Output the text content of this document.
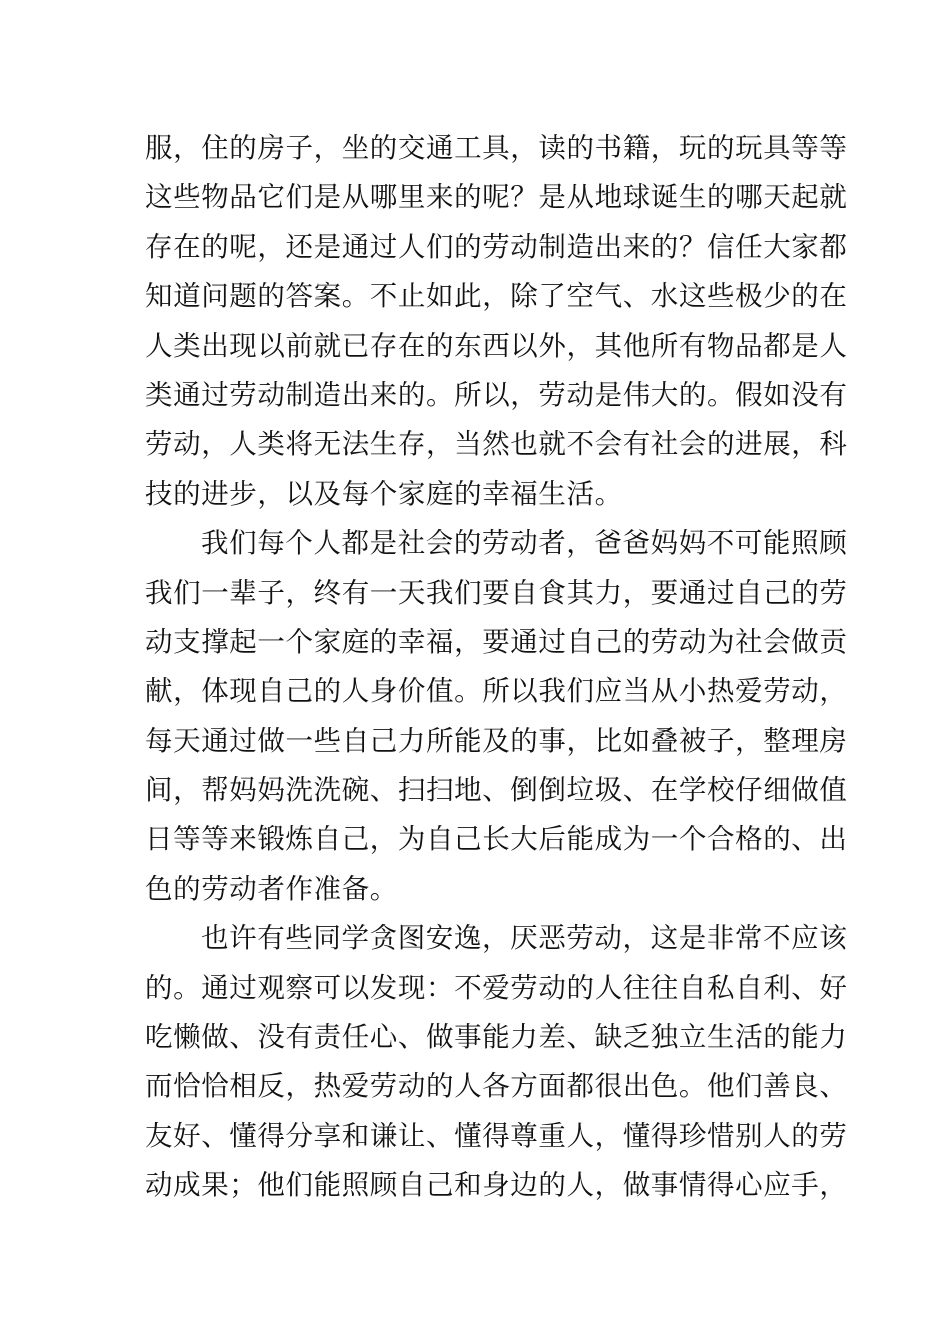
服，住的房子，坐的交通工具，读的书籍，玩的玩具等等
这些物品它们是从哪里来的呢？是从地球诞生的哪天起就
存在的呢，还是通过人们的劳动制造出来的？信任大家都
知道问题的答案。不止如此，除了空气、水这些极少的在
人类出现以前就已存在的东西以外，其他所有物品都是人
类通过劳动制造出来的。所以，劳动是伟大的。假如没有
劳动，人类将无法生存，当然也就不会有社会的进展，科
技的进步，以及每个家庭的幸福生活。
我们每个人都是社会的劳动者，爸爸妈妈不可能照顾
我们一辈子，终有一天我们要自食其力，要通过自己的劳
动支撑起一个家庭的幸福，要通过自己的劳动为社会做贡
献，体现自己的人身价值。所以我们应当从小热爱劳动，
每天通过做一些自己力所能及的事，比如叠被子，整理房
间，帮妈妈洗洗碗、扫扫地、倒倒垃圾、在学校仔细做值
日等等来锻炼自己，为自己长大后能成为一个合格的、出
色的劳动者作准备。
也许有些同学贪图安逸，厌恶劳动，这是非常不应该
的。通过观察可以发现：不爱劳动的人往往自私自利、好
吃懒做、没有责任心、做事能力差、缺乏独立生活的能力
而恰恰相反，热爱劳动的人各方面都很出色。他们善良、
友好、懂得分享和谦让、懂得尊重人，懂得珍惜别人的劳
动成果；他们能照顾自己和身边的人，做事情得心应手，
